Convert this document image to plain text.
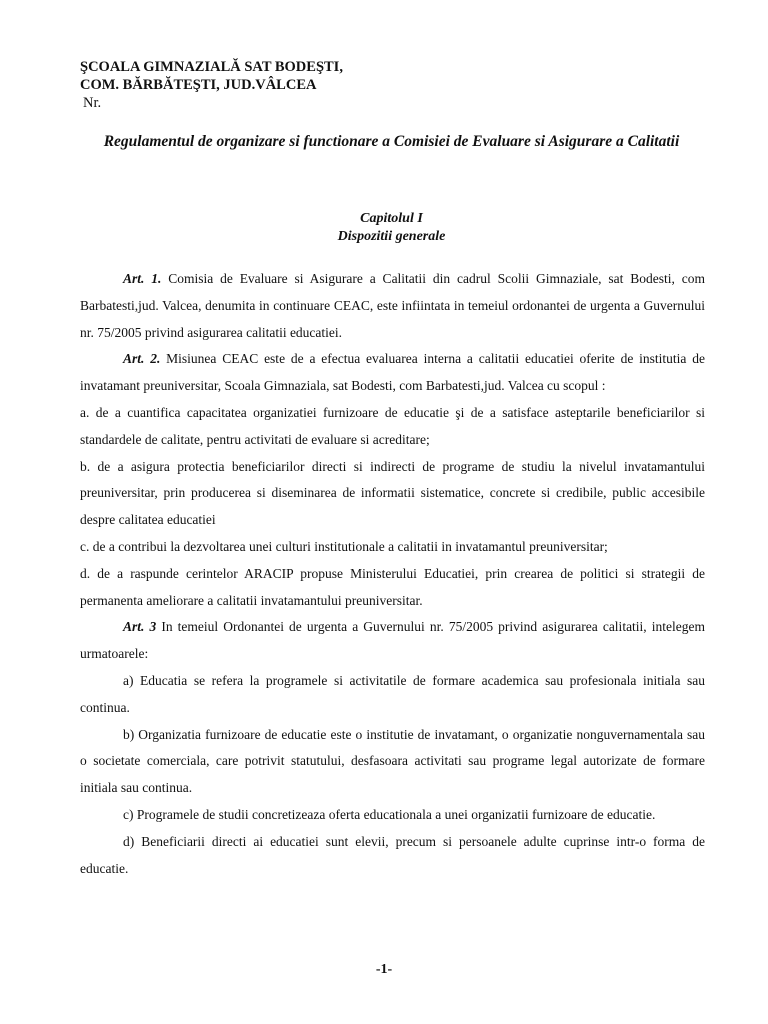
ŞCOALA GIMNAZIALĂ SAT BODEŞTI,
COM. BĂRBĂTEŞTI, JUD.VÂLCEA
Nr.
Regulamentul de organizare si functionare a Comisiei de Evaluare si Asigurare a Calitatii
Capitolul I
Dispozitii generale

Art. 1. Comisia de Evaluare si Asigurare a Calitatii din cadrul Scolii Gimnaziale, sat Bodesti, com Barbatesti,jud. Valcea, denumita in continuare CEAC, este infiintata in temeiul ordonantei de urgenta a Guvernului nr. 75/2005 privind asigurarea calitatii educatiei.

Art. 2. Misiunea CEAC este de a efectua evaluarea interna a calitatii educatiei oferite de institutia de invatamant preuniversitar, Scoala Gimnaziala, sat Bodesti, com Barbatesti,jud. Valcea cu scopul :

a. de a cuantifica capacitatea organizatiei furnizoare de educatie şi de a satisface asteptarile beneficiarilor si standardele de calitate, pentru activitati de evaluare si acreditare;

b. de a asigura protectia beneficiarilor directi si indirecti de programe de studiu la nivelul invatamantului preuniversitar, prin producerea si diseminarea de informatii sistematice, concrete si credibile, public accesibile despre calitatea educatiei

c. de a contribui la dezvoltarea unei culturi institutionale a calitatii in invatamantul preuniversitar;

d. de a raspunde cerintelor ARACIP propuse Ministerului Educatiei, prin crearea de politici si strategii de permanenta ameliorare a calitatii invatamantului preuniversitar.

Art. 3 In temeiul Ordonantei de urgenta a Guvernului nr. 75/2005 privind asigurarea calitatii, intelegem urmatoarele:

a) Educatia se refera la programele si activitatile de formare academica sau profesionala initiala sau continua.

b) Organizatia furnizoare de educatie este o institutie de invatamant, o organizatie nonguvernamentala sau o societate comerciala, care potrivit statutului, desfasoara activitati sau programe legal autorizate de formare initiala sau continua.

c) Programele de studii concretizeaza oferta educationala a unei organizatii furnizoare de educatie.

d) Beneficiarii directi ai educatiei sunt elevii, precum si persoanele adulte cuprinse intr-o forma de educatie.

-1-
